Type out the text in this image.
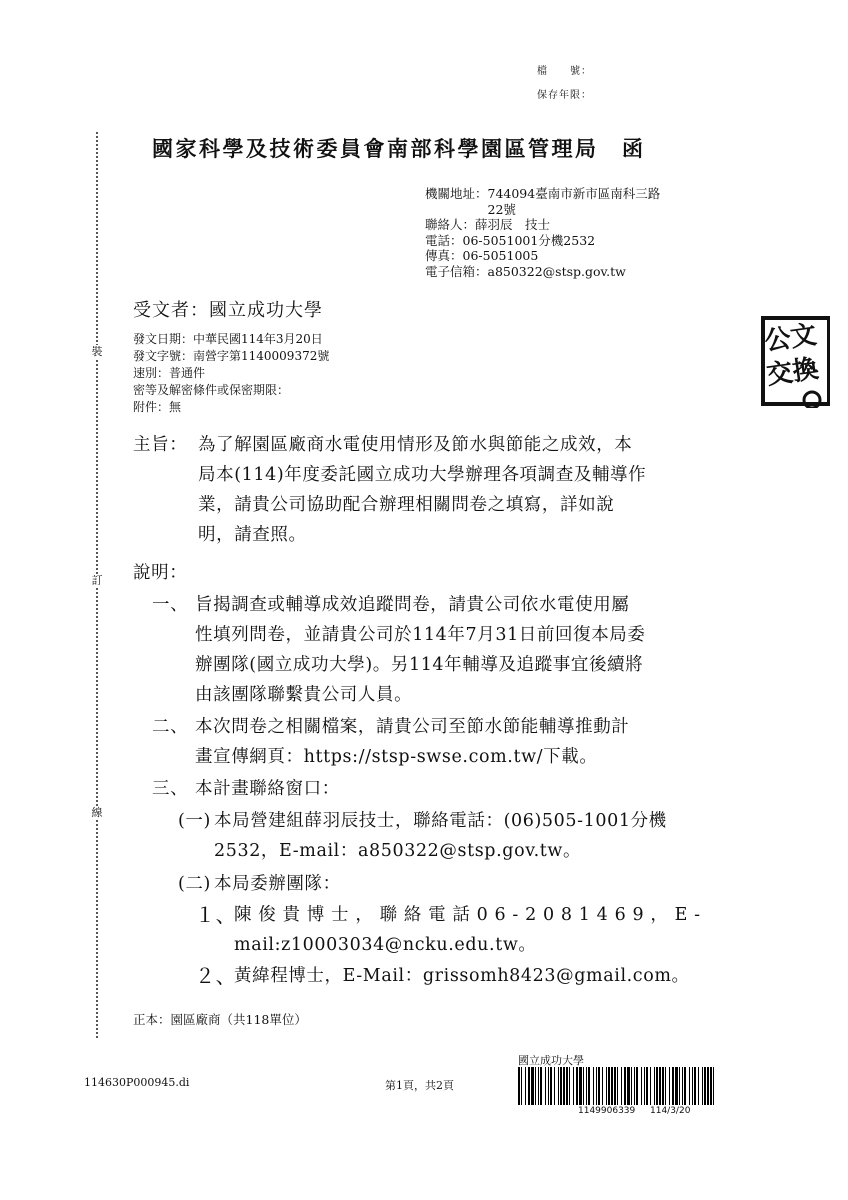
檔　　號：
保存年限：
裝
訂
線
國家科學及技術委員會南部科學園區管理局　函
機關地址：744094臺南市新市區南科三路
　　　　　22號
聯絡人：薛羽辰　技士
電話：06-5051001分機2532
傳真：06-5051005
電子信箱：a850322@stsp.gov.tw
受文者：國立成功大學
發文日期：中華民國114年3月20日
發文字號：南營字第1140009372號
速別：普通件
密等及解密條件或保密期限：
附件：無
公文
交換
主旨： 為了解園區廠商水電使用情形及節水與節能之成效，本
局本(114)年度委託國立成功大學辦理各項調查及輔導作
業，請貴公司協助配合辦理相關問卷之填寫，詳如說
明，請查照。
說明：
一、 旨揭調查或輔導成效追蹤問卷，請貴公司依水電使用屬
性填列問卷，並請貴公司於114年7月31日前回復本局委
辦團隊(國立成功大學)。另114年輔導及追蹤事宜後續將
由該團隊聯繫貴公司人員。
二、 本次問卷之相關檔案，請貴公司至節水節能輔導推動計
畫宣傳網頁：https://stsp-swse.com.tw/下載。
三、 本計畫聯絡窗口：
(一) 本局營建組薛羽辰技士，聯絡電話：(06)505-1001分機
2532，E-mail：a850322@stsp.gov.tw。
(二) 本局委辦團隊：
１、
陳 俊 貴 博 士 ， 聯 絡 電 話 0 6 - 2 0 8 1 4 6 9 ， E -
mail:z10003034@ncku.edu.tw。
２、
黃緯程博士，E-Mail：grissomh8423@gmail.com。
正本：園區廠商（共118單位）
114630P000945.di	第1頁，共2頁
國立成功大學
1149906339 114/3/20
